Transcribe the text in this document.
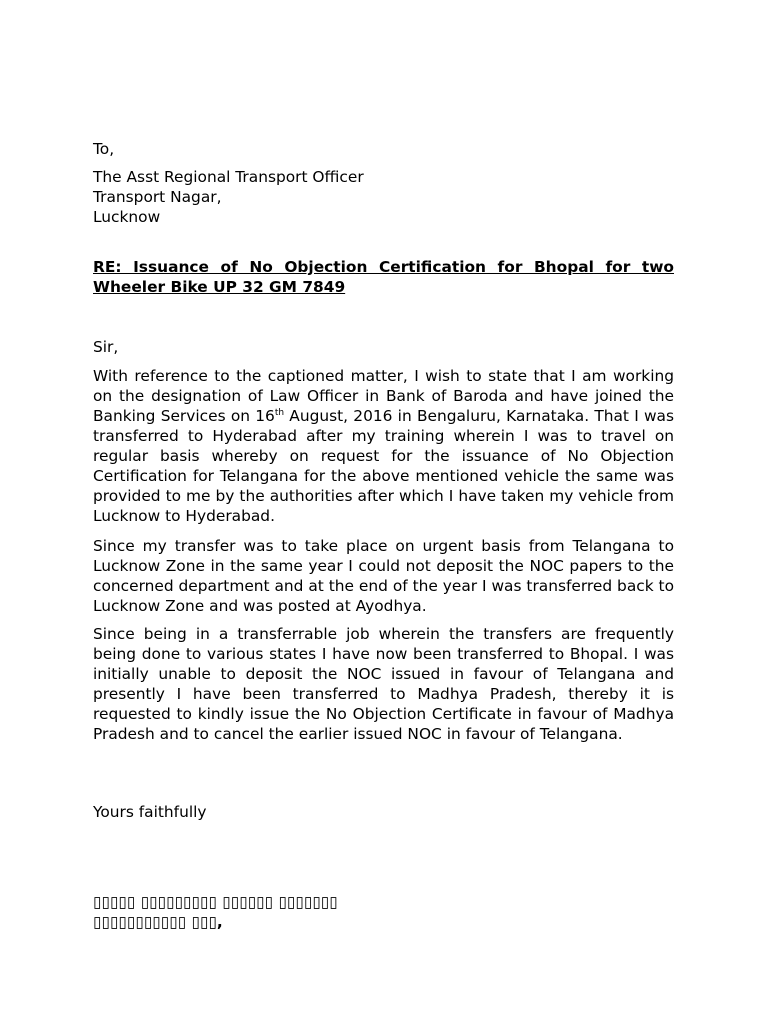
To,

The Asst Regional Transport Officer
Transport Nagar,
Lucknow

RE: Issuance of No Objection Certification for Bhopal for two Wheeler Bike UP 32 GM 7849

Sir,

With reference to the captioned matter, I wish to state that I am working on the designation of Law Officer in Bank of Baroda and have joined the Banking Services on 16th August, 2016 in Bengaluru, Karnataka. That I was transferred to Hyderabad after my training wherein I was to travel on regular basis whereby on request for the issuance of No Objection Certification for Telangana for the above mentioned vehicle the same was provided to me by the authorities after which I have taken my vehicle from Lucknow to Hyderabad.

Since my transfer was to take place on urgent basis from Telangana to Lucknow Zone in the same year I could not deposit the NOC papers to the concerned department and at the end of the year I was transferred back to Lucknow Zone and was posted at Ayodhya.

Since being in a transferrable job wherein the transfers are frequently being done to various states I have now been transferred to Bhopal. I was initially unable to deposit the NOC issued in favour of Telangana and presently I have been transferred to Madhya Pradesh, thereby it is requested to kindly issue the No Objection Certificate in favour of Madhya Pradesh and to cancel the earlier issued NOC in favour of Telangana.

Yours faithfully

▯▯▯▯▯ ▯▯▯▯▯▯▯▯▯ ▯▯▯▯▯▯ ▯▯▯▯▯▯▯
▯▯▯▯▯▯▯▯▯▯▯ ▯▯▯,
